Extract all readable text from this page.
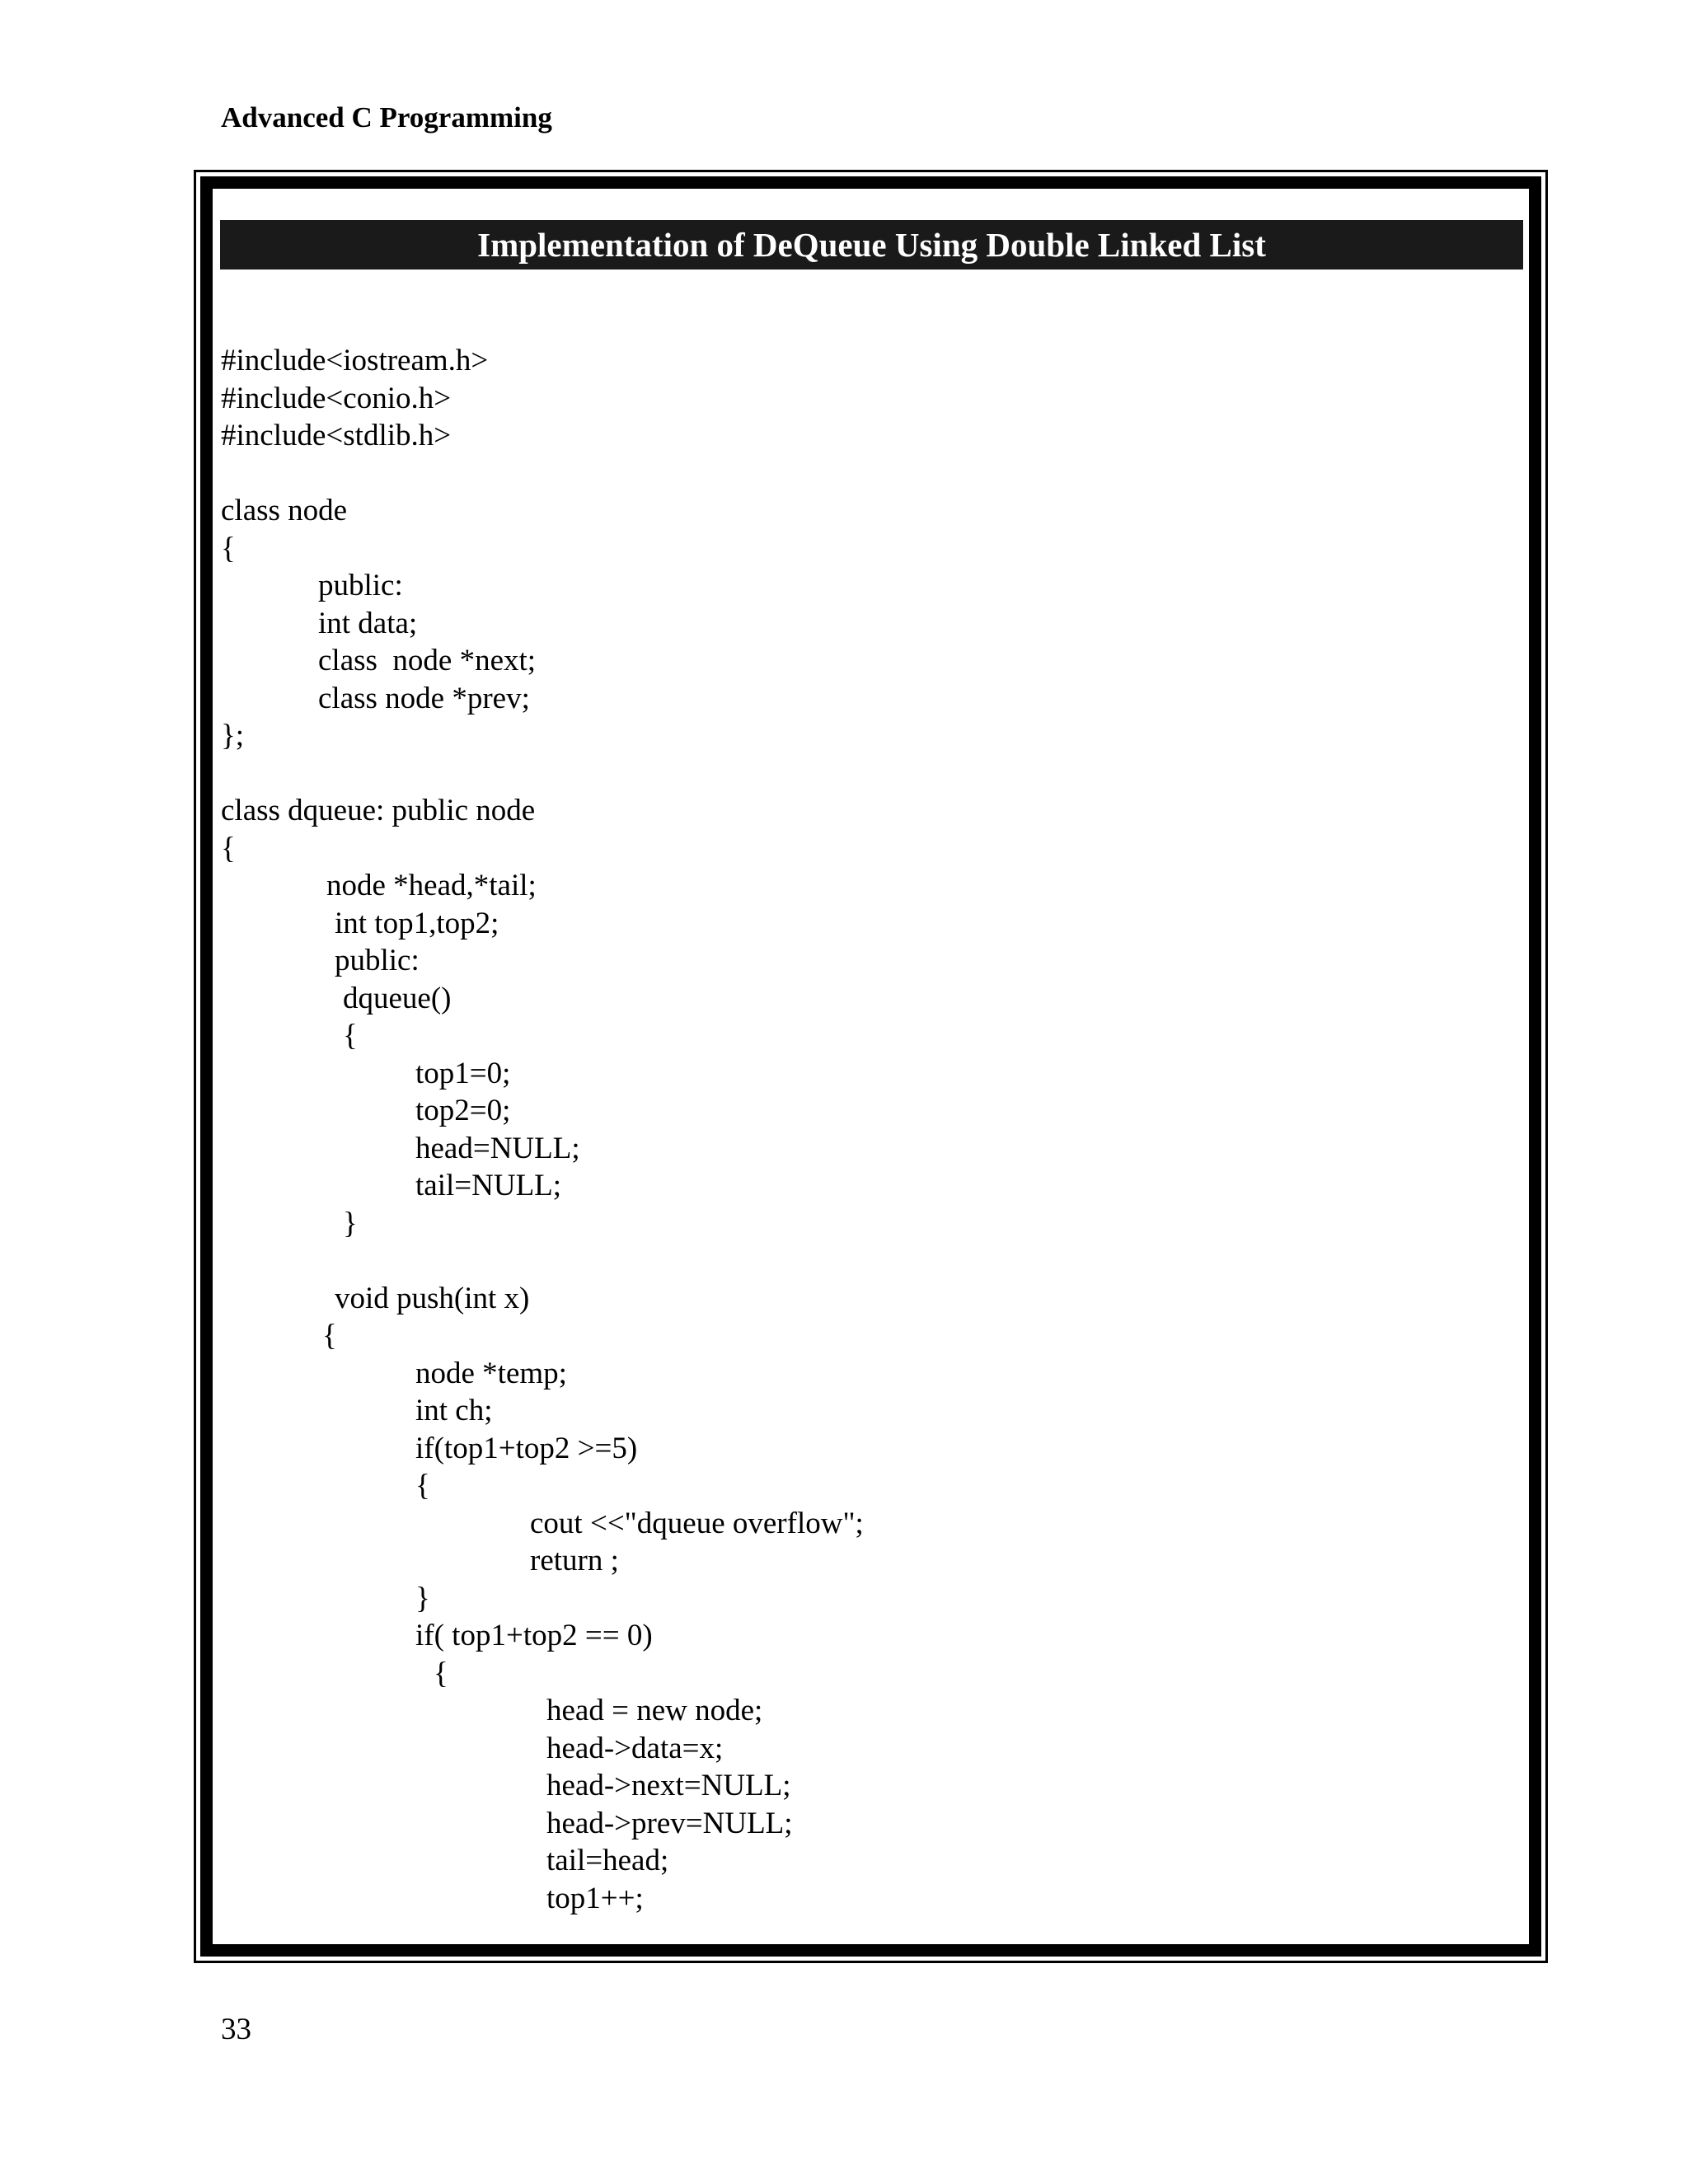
Advanced C Programming
Implementation of DeQueue Using Double Linked List
#include<iostream.h>
#include<conio.h>
#include<stdlib.h>
class node
{
public:
int data;
class  node *next;
class node *prev;
};
class dqueue: public node
{
node *head,*tail;
int top1,top2;
public:
dqueue()
{
top1=0;
top2=0;
head=NULL;
tail=NULL;
}
void push(int x)
{
node *temp;
int ch;
if(top1+top2 >=5)
{
cout <<"dqueue overflow";
return ;
}
if( top1+top2 == 0)
{
head = new node;
head->data=x;
head->next=NULL;
head->prev=NULL;
tail=head;
top1++;
33
